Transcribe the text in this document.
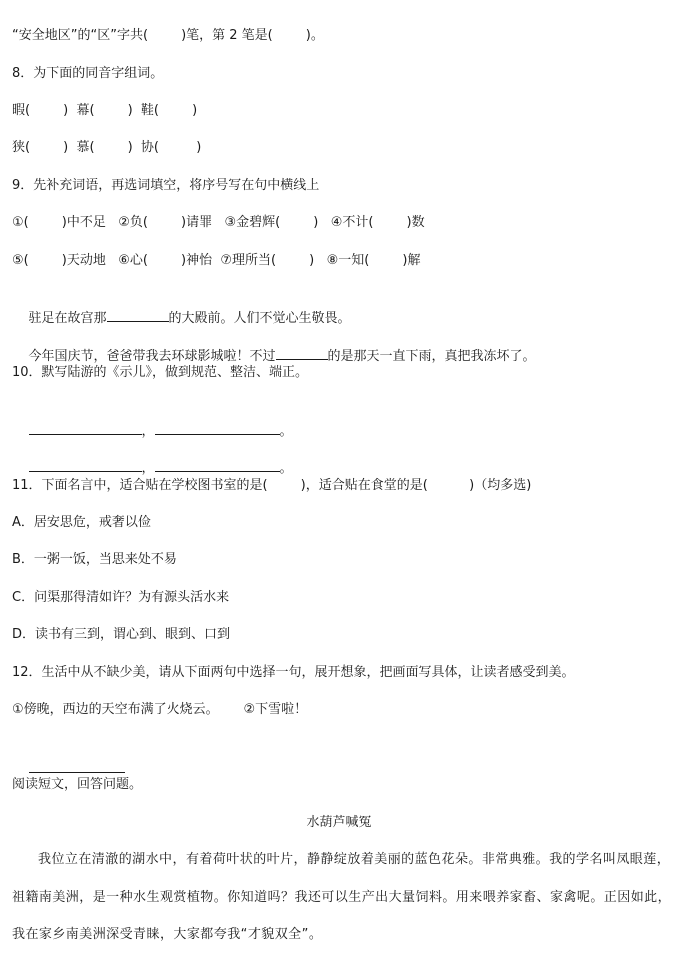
“安全地区”的“区”字共(        )笔，第 2 笔是(        )。
8．为下面的同音字组词。
暇(        )  幕(        )  鞋(        )
狭(        )  慕(        )  协(         )
9．先补充词语，再选词填空，将序号写在句中横线上
①(        )中不足   ②负(        )请罪   ③金碧辉(        )   ④不计(        )数
⑤(        )天动地   ⑥心(        )神怡  ⑦理所当(        )   ⑧一知(        )解

驻足在故宫那	的大殿前。人们不觉心生敬畏。

今年国庆节，爸爸带我去环球影城啦！不过	的是那天一直下雨，真把我冻坏了。

10．默写陆游的《示儿》，做到规范、整洁、端正。

，	。

，	。

11．下面名言中，适合贴在学校图书室的是(        )，适合贴在食堂的是(          )（均多选)
A．居安思危，戒奢以俭
B．一粥一饭，当思来处不易
C．问渠那得清如许？为有源头活水来
D．读书有三到，谓心到、眼到、口到
12．生活中从不缺少美，请从下面两句中选择一句，展开想象，把画面写具体，让读者感受到美。
①傍晚，西边的天空布满了火烧云。      ②下雪啦！

阅读短文，回答问题。
水葫芦喊冤
我位立在清澈的湖水中，有着荷叶状的叶片，静静绽放着美丽的蓝色花朵。非常典雅。我的学名叫凤眼莲，祖籍南美洲，是一种水生观赏植物。你知道吗？我还可以生产出大量饲料。用来喂养家畜、家禽呢。正因如此，我在家乡南美洲深受青睐，大家都夸我“才貌双全”。
